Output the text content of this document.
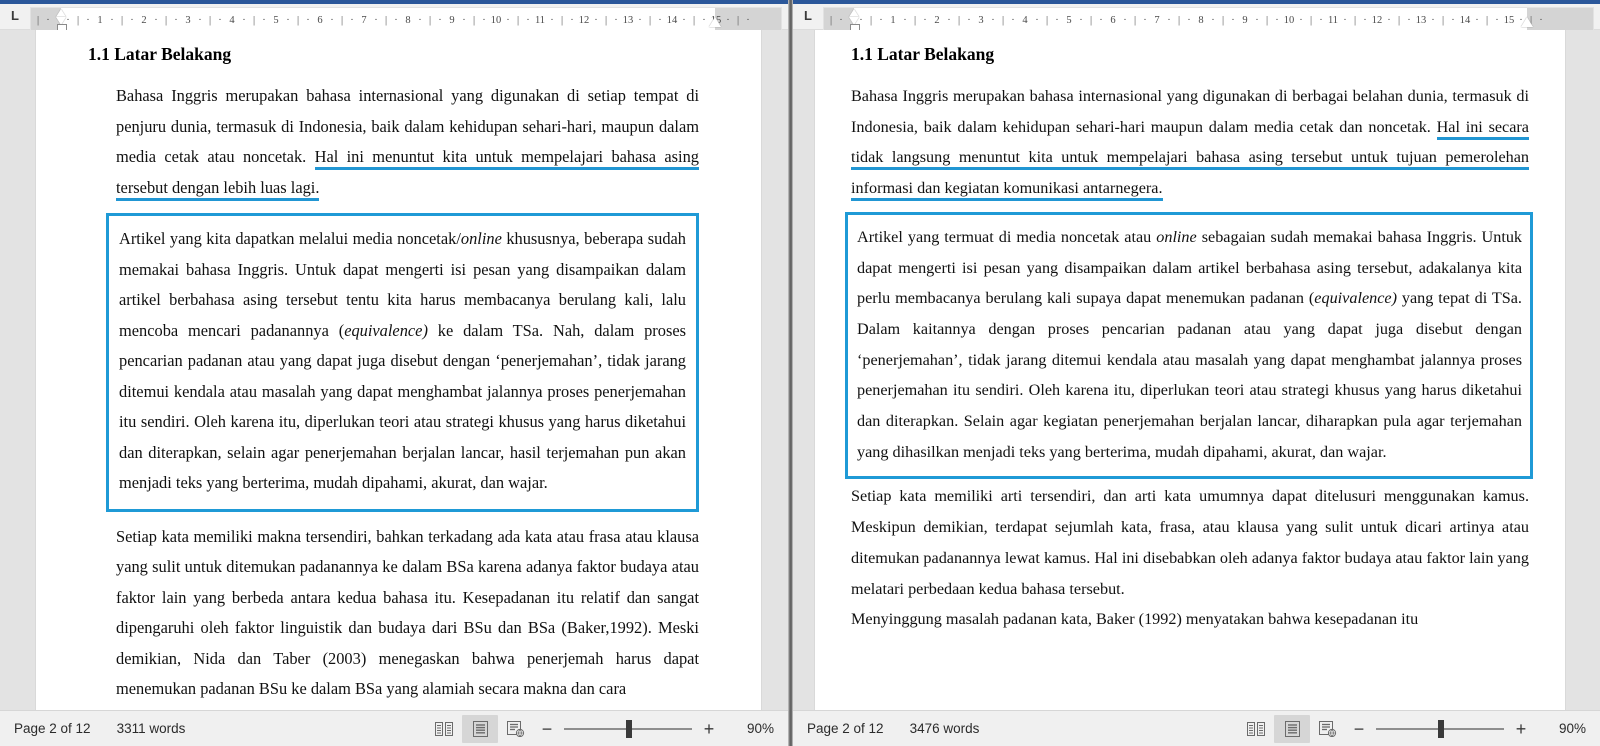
L	| ·
	· | · 1 · | · 2 · | · 3 · | · 4 · | · 5 · | · 6 · | · 7 · | · 8 · | · 9 · | · 10 · | · 11 · | · 12 · | · 13 · | · 14 · | · 15 · | ·
1.1 Latar Belakang

Bahasa Inggris merupakan bahasa internasional yang digunakan di setiap tempat di penjuru dunia, termasuk di Indonesia, baik dalam kehidupan sehari-hari, maupun dalam media cetak atau noncetak. Hal ini menuntut kita untuk mempelajari bahasa asing tersebut dengan lebih luas lagi.

Artikel yang kita dapatkan melalui media noncetak/online khususnya, beberapa sudah memakai bahasa Inggris. Untuk dapat mengerti isi pesan yang disampaikan dalam artikel berbahasa asing tersebut tentu kita harus membacanya berulang kali, lalu mencoba mencari padanannya (equivalence) ke dalam TSa. Nah, dalam proses pencarian padanan atau yang dapat juga disebut dengan ‘penerjemahan’, tidak jarang ditemui kendala atau masalah yang dapat menghambat jalannya proses penerjemahan itu sendiri. Oleh karena itu, diperlukan teori atau strategi khusus yang harus diketahui dan diterapkan, selain agar penerjemahan berjalan lancar, hasil terjemahan pun akan menjadi teks yang berterima, mudah dipahami, akurat, dan wajar.

Setiap kata memiliki makna tersendiri, bahkan terkadang ada kata atau frasa atau klausa yang sulit untuk ditemukan padanannya ke dalam BSa karena adanya faktor budaya atau faktor lain yang berbeda antara kedua bahasa itu. Kesepadanan itu relatif dan sangat dipengaruhi oleh faktor linguistik dan budaya dari BSu dan BSa (Baker,1992). Meski demikian, Nida dan Taber (2003) menegaskan bahwa penerjemah harus dapat menemukan padanan BSu ke dalam BSa yang alamiah secara makna dan cara

Page 2 of 12 3311 words	−	+	90%
L	| ·
	· | · 1 · | · 2 · | · 3 · | · 4 · | · 5 · | · 6 · | · 7 · | · 8 · | · 9 · | · 10 · | · 11 · | · 12 · | · 13 · | · 14 · | · 15 · | ·
1.1 Latar Belakang

Bahasa Inggris merupakan bahasa internasional yang digunakan di berbagai belahan dunia, termasuk di Indonesia, baik dalam kehidupan sehari-hari maupun dalam media cetak dan noncetak. Hal ini secara tidak langsung menuntut kita untuk mempelajari bahasa asing tersebut untuk tujuan pemerolehan informasi dan kegiatan komunikasi antarnegera.

Artikel yang termuat di media noncetak atau online sebagaian sudah memakai bahasa Inggris. Untuk dapat mengerti isi pesan yang disampaikan dalam artikel berbahasa asing tersebut, adakalanya kita perlu membacanya berulang kali supaya dapat menemukan padanan (equivalence) yang tepat di TSa. Dalam kaitannya dengan proses pencarian padanan atau yang dapat juga disebut dengan ‘penerjemahan’, tidak jarang ditemui kendala atau masalah yang dapat menghambat jalannya proses penerjemahan itu sendiri. Oleh karena itu, diperlukan teori atau strategi khusus yang harus diketahui dan diterapkan. Selain agar kegiatan penerjemahan berjalan lancar, diharapkan pula agar terjemahan yang dihasilkan menjadi teks yang berterima, mudah dipahami, akurat, dan wajar.

Setiap kata memiliki arti tersendiri, dan arti kata umumnya dapat ditelusuri menggunakan kamus. Meskipun demikian, terdapat sejumlah kata, frasa, atau klausa yang sulit untuk dicari artinya atau ditemukan padanannya lewat kamus. Hal ini disebabkan oleh adanya faktor budaya atau faktor lain yang melatari perbedaan kedua bahasa tersebut.

Menyinggung masalah padanan kata, Baker (1992) menyatakan bahwa kesepadanan itu

Page 2 of 12 3476 words	−	+	90%
